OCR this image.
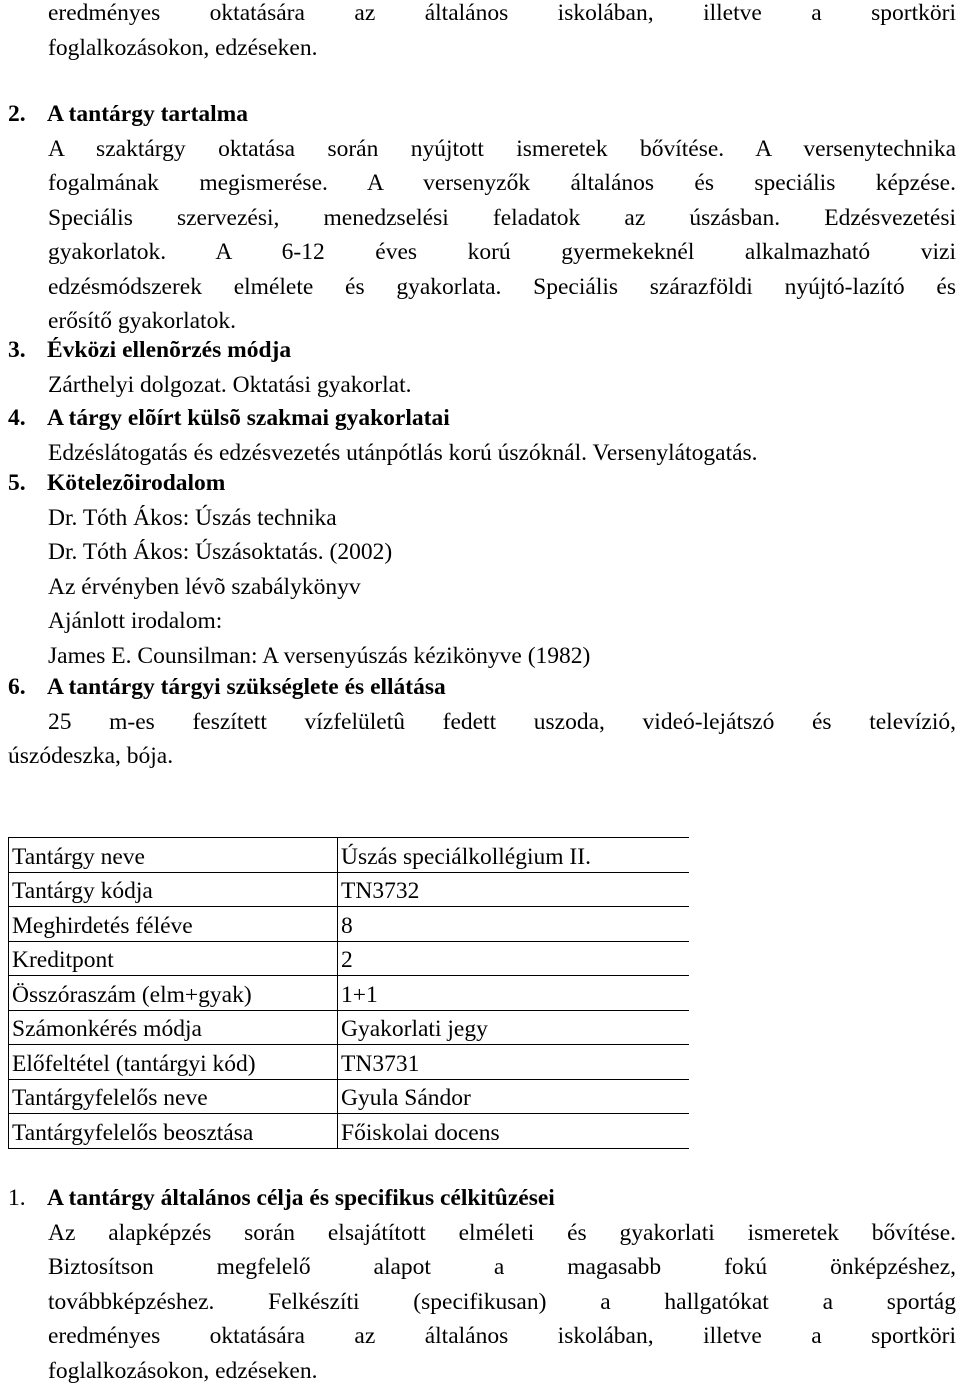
eredményes oktatására az általános iskolában, illetve a sportköri
foglalkozásokon, edzéseken.
2. A tantárgy tartalma
A szaktárgy oktatása során nyújtott ismeretek bővítése. A versenytechnika
fogalmának megismerése. A versenyzők általános és speciális képzése.
Speciális szervezési, menedzselési feladatok az úszásban. Edzésvezetési
gyakorlatok. A 6-12 éves korú gyermekeknél alkalmazható vizi
edzésmódszerek elmélete és gyakorlata. Speciális szárazföldi nyújtó-lazító és
erősítő gyakorlatok.
3. Évközi ellenõrzés módja
Zárthelyi dolgozat. Oktatási gyakorlat.
4. A tárgy elõírt külsõ szakmai gyakorlatai
Edzéslátogatás és edzésvezetés utánpótlás korú úszóknál. Versenylátogatás.
5. Kötelezõirodalom
Dr. Tóth Ákos: Úszás technika
Dr. Tóth Ákos: Úszásoktatás. (2002)
Az érvényben lévõ szabálykönyv
Ajánlott irodalom:
James E. Counsilman: A versenyúszás kézikönyve (1982)
6. A tantárgy tárgyi szükséglete és ellátása
25 m-es feszített vízfelületû fedett uszoda, videó-lejátszó és televízió,
úszódeszka, bója.
Tantárgy neve	Úszás speciálkollégium II.
Tantárgy kódja	TN3732
Meghirdetés féléve	8
Kreditpont	2
Összóraszám (elm+gyak)	1+1
Számonkérés módja	Gyakorlati jegy
Előfeltétel (tantárgyi kód)	TN3731
Tantárgyfelelős neve	Gyula Sándor
Tantárgyfelelős beosztása	Főiskolai docens
1. A tantárgy általános célja és specifikus célkitûzései
Az alapképzés során elsajátított elméleti és gyakorlati ismeretek bővítése.
Biztosítson megfelelő alapot a magasabb fokú önképzéshez,
továbbképzéshez. Felkészíti (specifikusan) a hallgatókat a sportág
eredményes oktatására az általános iskolában, illetve a sportköri
foglalkozásokon, edzéseken.
